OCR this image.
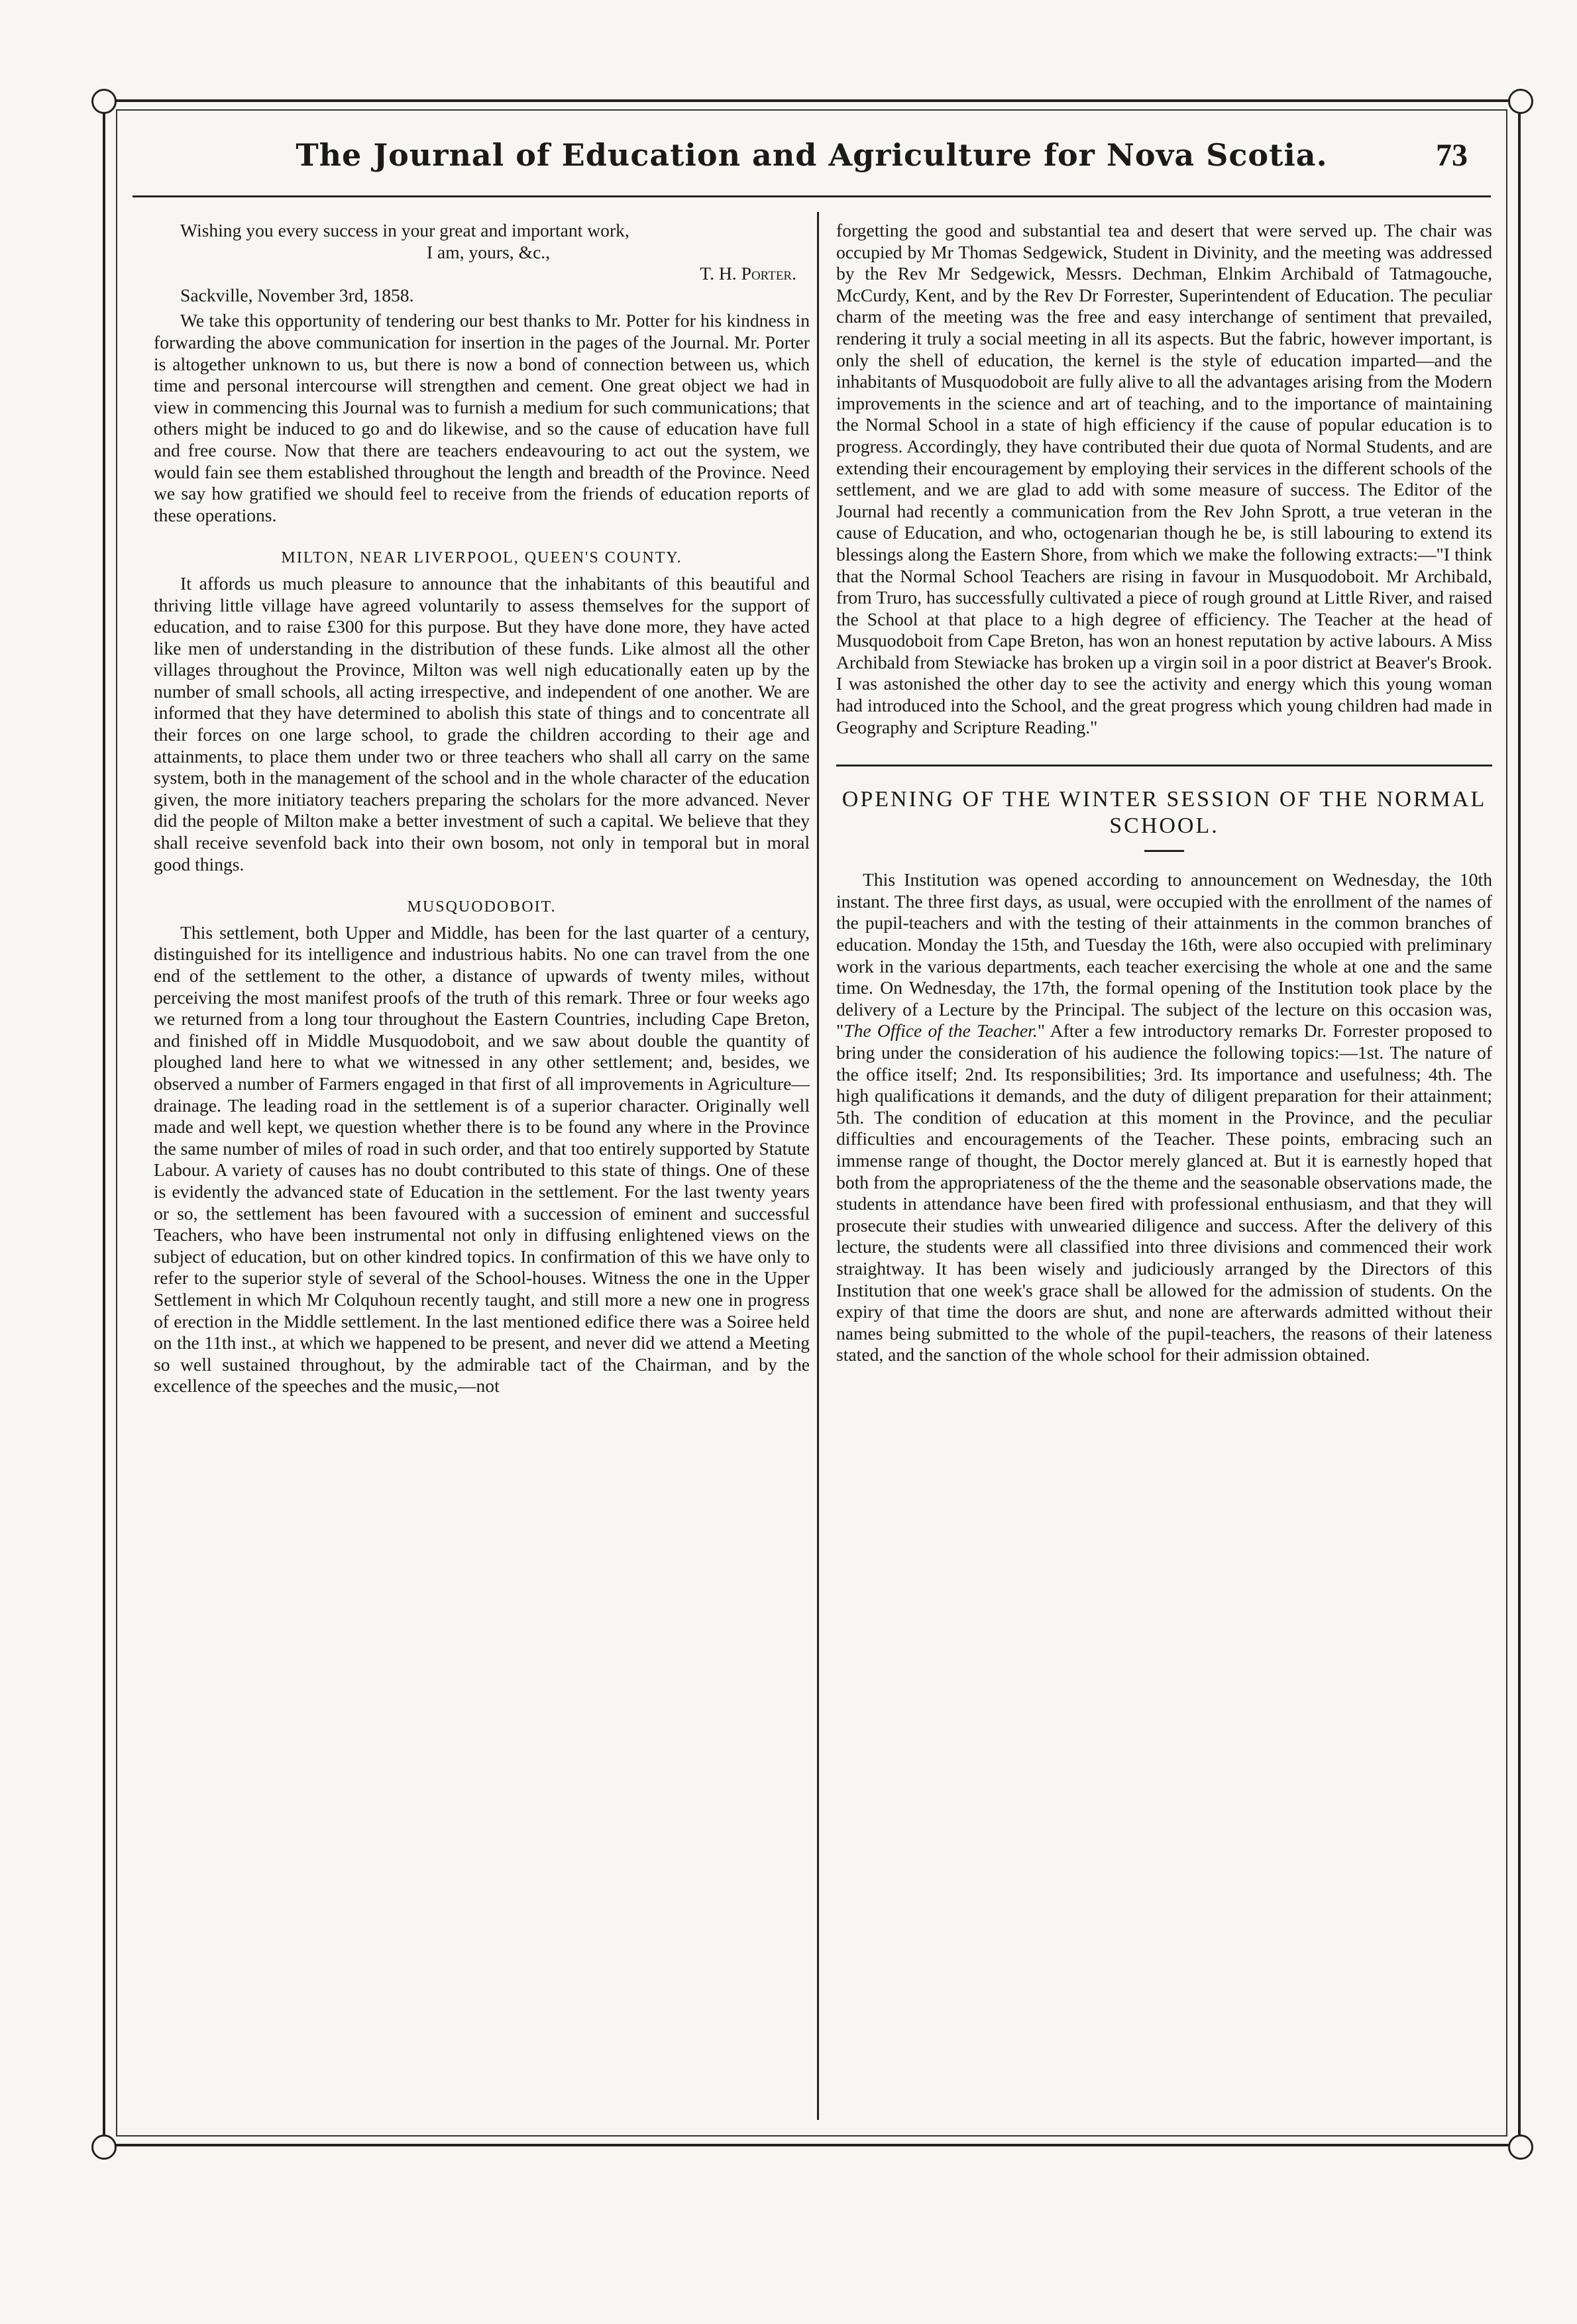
The Journal of Education and Agriculture for Nova Scotia.	73

Wishing you every success in your great and important work,

I am, yours, &c.,

T. H. Porter.

Sackville, November 3rd, 1858.

We take this opportunity of tendering our best thanks to Mr. Potter for his kindness in forwarding the above communication for insertion in the pages of the Journal. Mr. Porter is altogether unknown to us, but there is now a bond of connection between us, which time and personal intercourse will strengthen and cement. One great object we had in view in commencing this Journal was to furnish a medium for such communications; that others might be induced to go and do likewise, and so the cause of education have full and free course. Now that there are teachers endeavouring to act out the system, we would fain see them established throughout the length and breadth of the Province. Need we say how gratified we should feel to receive from the friends of education reports of these operations.

MILTON, NEAR LIVERPOOL, QUEEN'S COUNTY.

It affords us much pleasure to announce that the inhabitants of this beautiful and thriving little village have agreed voluntarily to assess themselves for the support of education, and to raise £300 for this purpose. But they have done more, they have acted like men of understanding in the distribution of these funds. Like almost all the other villages throughout the Province, Milton was well nigh educationally eaten up by the number of small schools, all acting irrespective, and independent of one another. We are informed that they have determined to abolish this state of things and to concentrate all their forces on one large school, to grade the children according to their age and attainments, to place them under two or three teachers who shall all carry on the same system, both in the management of the school and in the whole character of the education given, the more initiatory teachers preparing the scholars for the more advanced. Never did the people of Milton make a better investment of such a capital. We believe that they shall receive sevenfold back into their own bosom, not only in temporal but in moral good things.

MUSQUODOBOIT.

This settlement, both Upper and Middle, has been for the last quarter of a century, distinguished for its intelligence and industrious habits. No one can travel from the one end of the settlement to the other, a distance of upwards of twenty miles, without perceiving the most manifest proofs of the truth of this remark. Three or four weeks ago we returned from a long tour throughout the Eastern Countries, including Cape Breton, and finished off in Middle Musquodoboit, and we saw about double the quantity of ploughed land here to what we witnessed in any other settlement; and, besides, we observed a number of Farmers engaged in that first of all improvements in Agriculture—drainage. The leading road in the settlement is of a superior character. Originally well made and well kept, we question whether there is to be found any where in the Province the same number of miles of road in such order, and that too entirely supported by Statute Labour. A variety of causes has no doubt contributed to this state of things. One of these is evidently the advanced state of Education in the settlement. For the last twenty years or so, the settlement has been favoured with a succession of eminent and successful Teachers, who have been instrumental not only in diffusing enlightened views on the subject of education, but on other kindred topics. In confirmation of this we have only to refer to the superior style of several of the School-houses. Witness the one in the Upper Settlement in which Mr Colquhoun recently taught, and still more a new one in progress of erection in the Middle settlement. In the last mentioned edifice there was a Soiree held on the 11th inst., at which we happened to be present, and never did we attend a Meeting so well sustained throughout, by the admirable tact of the Chairman, and by the excellence of the speeches and the music,—not

forgetting the good and substantial tea and desert that were served up. The chair was occupied by Mr Thomas Sedgewick, Student in Divinity, and the meeting was addressed by the Rev Mr Sedgewick, Messrs. Dechman, Elnkim Archibald of Tatmagouche, McCurdy, Kent, and by the Rev Dr Forrester, Superintendent of Education. The peculiar charm of the meeting was the free and easy interchange of sentiment that prevailed, rendering it truly a social meeting in all its aspects. But the fabric, however important, is only the shell of education, the kernel is the style of education imparted—and the inhabitants of Musquodoboit are fully alive to all the advantages arising from the Modern improvements in the science and art of teaching, and to the importance of maintaining the Normal School in a state of high efficiency if the cause of popular education is to progress. Accordingly, they have contributed their due quota of Normal Students, and are extending their encouragement by employing their services in the different schools of the settlement, and we are glad to add with some measure of success. The Editor of the Journal had recently a communication from the Rev John Sprott, a true veteran in the cause of Education, and who, octogenarian though he be, is still labouring to extend its blessings along the Eastern Shore, from which we make the following extracts:—"I think that the Normal School Teachers are rising in favour in Musquodoboit. Mr Archibald, from Truro, has successfully cultivated a piece of rough ground at Little River, and raised the School at that place to a high degree of efficiency. The Teacher at the head of Musquodoboit from Cape Breton, has won an honest reputation by active labours. A Miss Archibald from Stewiacke has broken up a virgin soil in a poor district at Beaver's Brook. I was astonished the other day to see the activity and energy which this young woman had introduced into the School, and the great progress which young children had made in Geography and Scripture Reading."

OPENING OF THE WINTER SESSION OF THE NORMAL SCHOOL.

This Institution was opened according to announcement on Wednesday, the 10th instant. The three first days, as usual, were occupied with the enrollment of the names of the pupil-teachers and with the testing of their attainments in the common branches of education. Monday the 15th, and Tuesday the 16th, were also occupied with preliminary work in the various departments, each teacher exercising the whole at one and the same time. On Wednesday, the 17th, the formal opening of the Institution took place by the delivery of a Lecture by the Principal. The subject of the lecture on this occasion was, "The Office of the Teacher." After a few introductory remarks Dr. Forrester proposed to bring under the consideration of his audience the following topics:—1st. The nature of the office itself; 2nd. Its responsibilities; 3rd. Its importance and usefulness; 4th. The high qualifications it demands, and the duty of diligent preparation for their attainment; 5th. The condition of education at this moment in the Province, and the peculiar difficulties and encouragements of the Teacher. These points, embracing such an immense range of thought, the Doctor merely glanced at. But it is earnestly hoped that both from the appropriateness of the the theme and the seasonable observations made, the students in attendance have been fired with professional enthusiasm, and that they will prosecute their studies with unwearied diligence and success. After the delivery of this lecture, the students were all classified into three divisions and commenced their work straightway. It has been wisely and judiciously arranged by the Directors of this Institution that one week's grace shall be allowed for the admission of students. On the expiry of that time the doors are shut, and none are afterwards admitted without their names being submitted to the whole of the pupil-teachers, the reasons of their lateness stated, and the sanction of the whole school for their admission obtained.
